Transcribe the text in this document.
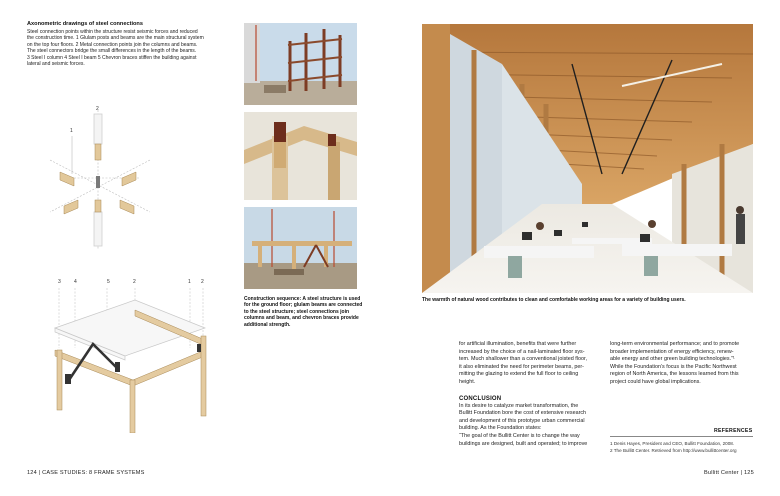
Axonometric drawings of steel connections
Steel connection points within the structure resist seismic forces and reduced
the construction time. 1 Glulam posts and beams are the main structural system
on the top four floors. 2 Metal connection points join the columns and beams.
The steel connectors bridge the small differences in the length of the beams.
3 Steel I column 4 Steel I beam 5 Chevron braces stiffen the building against
lateral and seismic forces.
2
1
3	4	5	2	1 2
Construction sequence: A steel structure is used
for the ground floor; glulam beams are connected
to the steel structure; steel connections join
columns and beam, and chevron braces provide
additional strength.
124 | CASE STUDIES: 8 FRAME SYSTEMS
The warmth of natural wood contributes to clean and comfortable working areas for a variety of building users.
for artificial illumination, benefits that were further
increased by the choice of a nail-laminated floor sys-
tem. Much shallower than a conventional joisted floor,
it also eliminated the need for perimeter beams, per-
mitting the glazing to extend the full floor to ceiling
height.
CONCLUSION
In its desire to catalyze market transformation, the
Bullitt Foundation bore the cost of extensive research
and development of this prototype urban commercial
building. As the Foundation states:
“The goal of the Bullitt Center is to change the way
buildings are designed, built and operated; to improve
long-term environmental performance; and to promote
broader implementation of energy efficiency, renew-
able energy and other green building technologies.”¹
While the Foundation’s focus is the Pacific Northwest
region of North America, the lessons learned from this
project could have global implications.
REFERENCES
1 Denis Hayes, President and CEO, Bullitt Foundation, 2008.
2 The Bullitt Center. Retrieved from http://www.bullittcenter.org
Bullitt Center | 125
